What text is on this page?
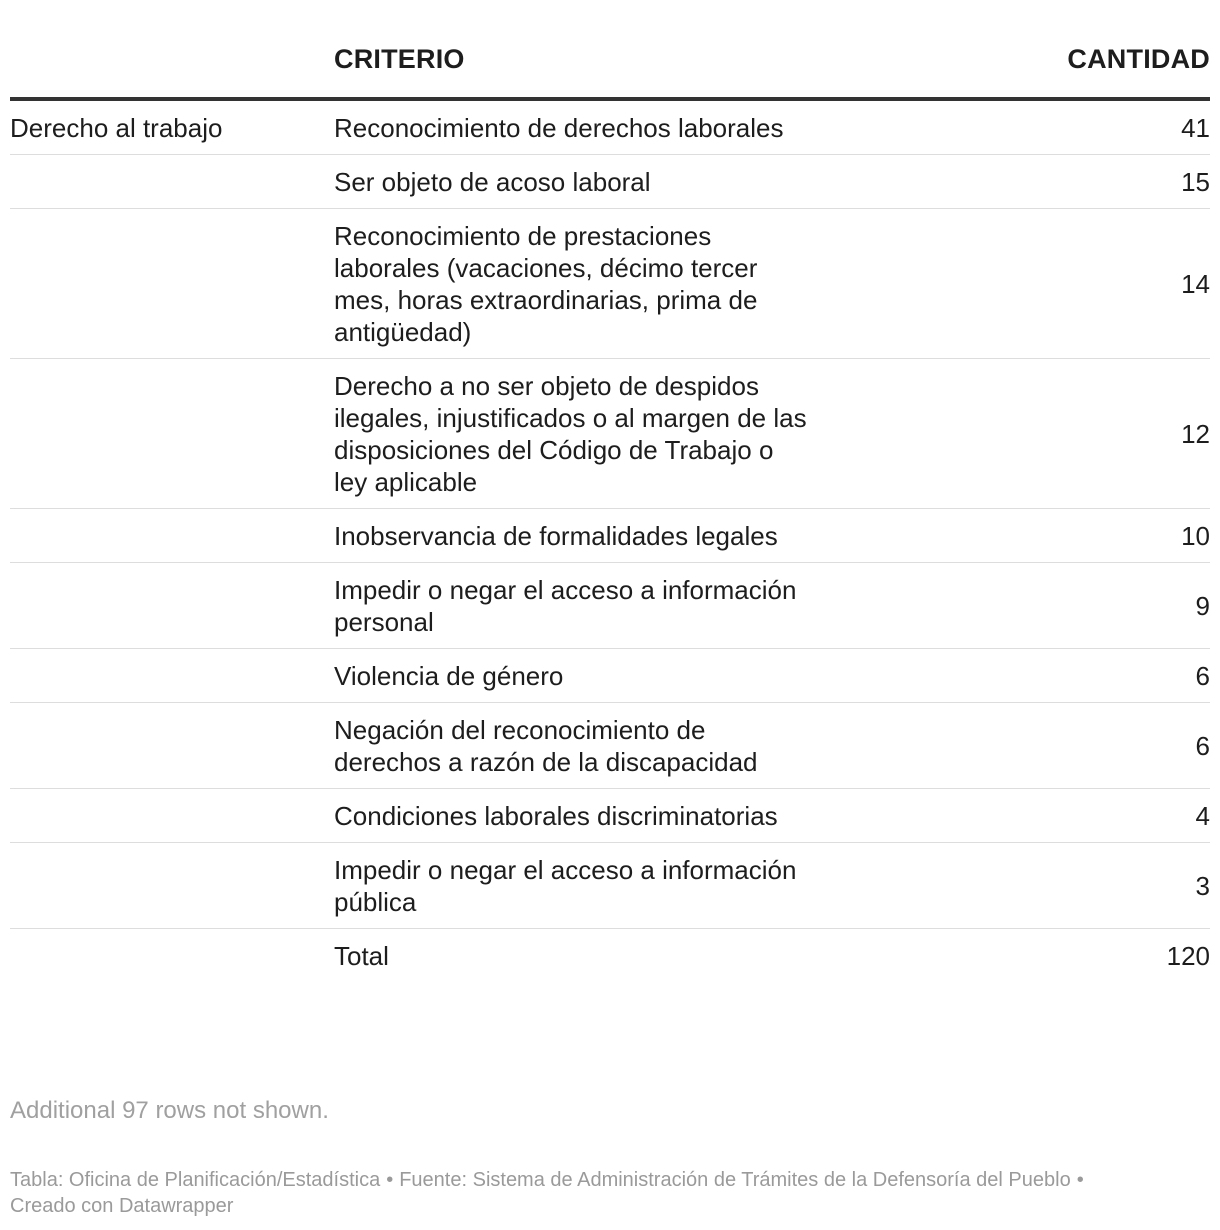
	CRITERIO	CANTIDAD
Derecho al trabajo	Reconocimiento de derechos laborales	41
	Ser objeto de acoso laboral	15
	Reconocimiento de prestaciones laborales (vacaciones, décimo tercer mes, horas extraordinarias, prima de antigüedad)	14
	Derecho a no ser objeto de despidos ilegales, injustificados o al margen de las disposiciones del Código de Trabajo o ley aplicable	12
	Inobservancia de formalidades legales	10
	Impedir o negar el acceso a información personal	9
	Violencia de género	6
	Negación del reconocimiento de derechos a razón de la discapacidad	6
	Condiciones laborales discriminatorias	4
	Impedir o negar el acceso a información pública	3
	Total	120
Additional 97 rows not shown.
Tabla: Oficina de Planificación/Estadística • Fuente: Sistema de Administración de Trámites de la Defensoría del Pueblo •
Creado con Datawrapper
